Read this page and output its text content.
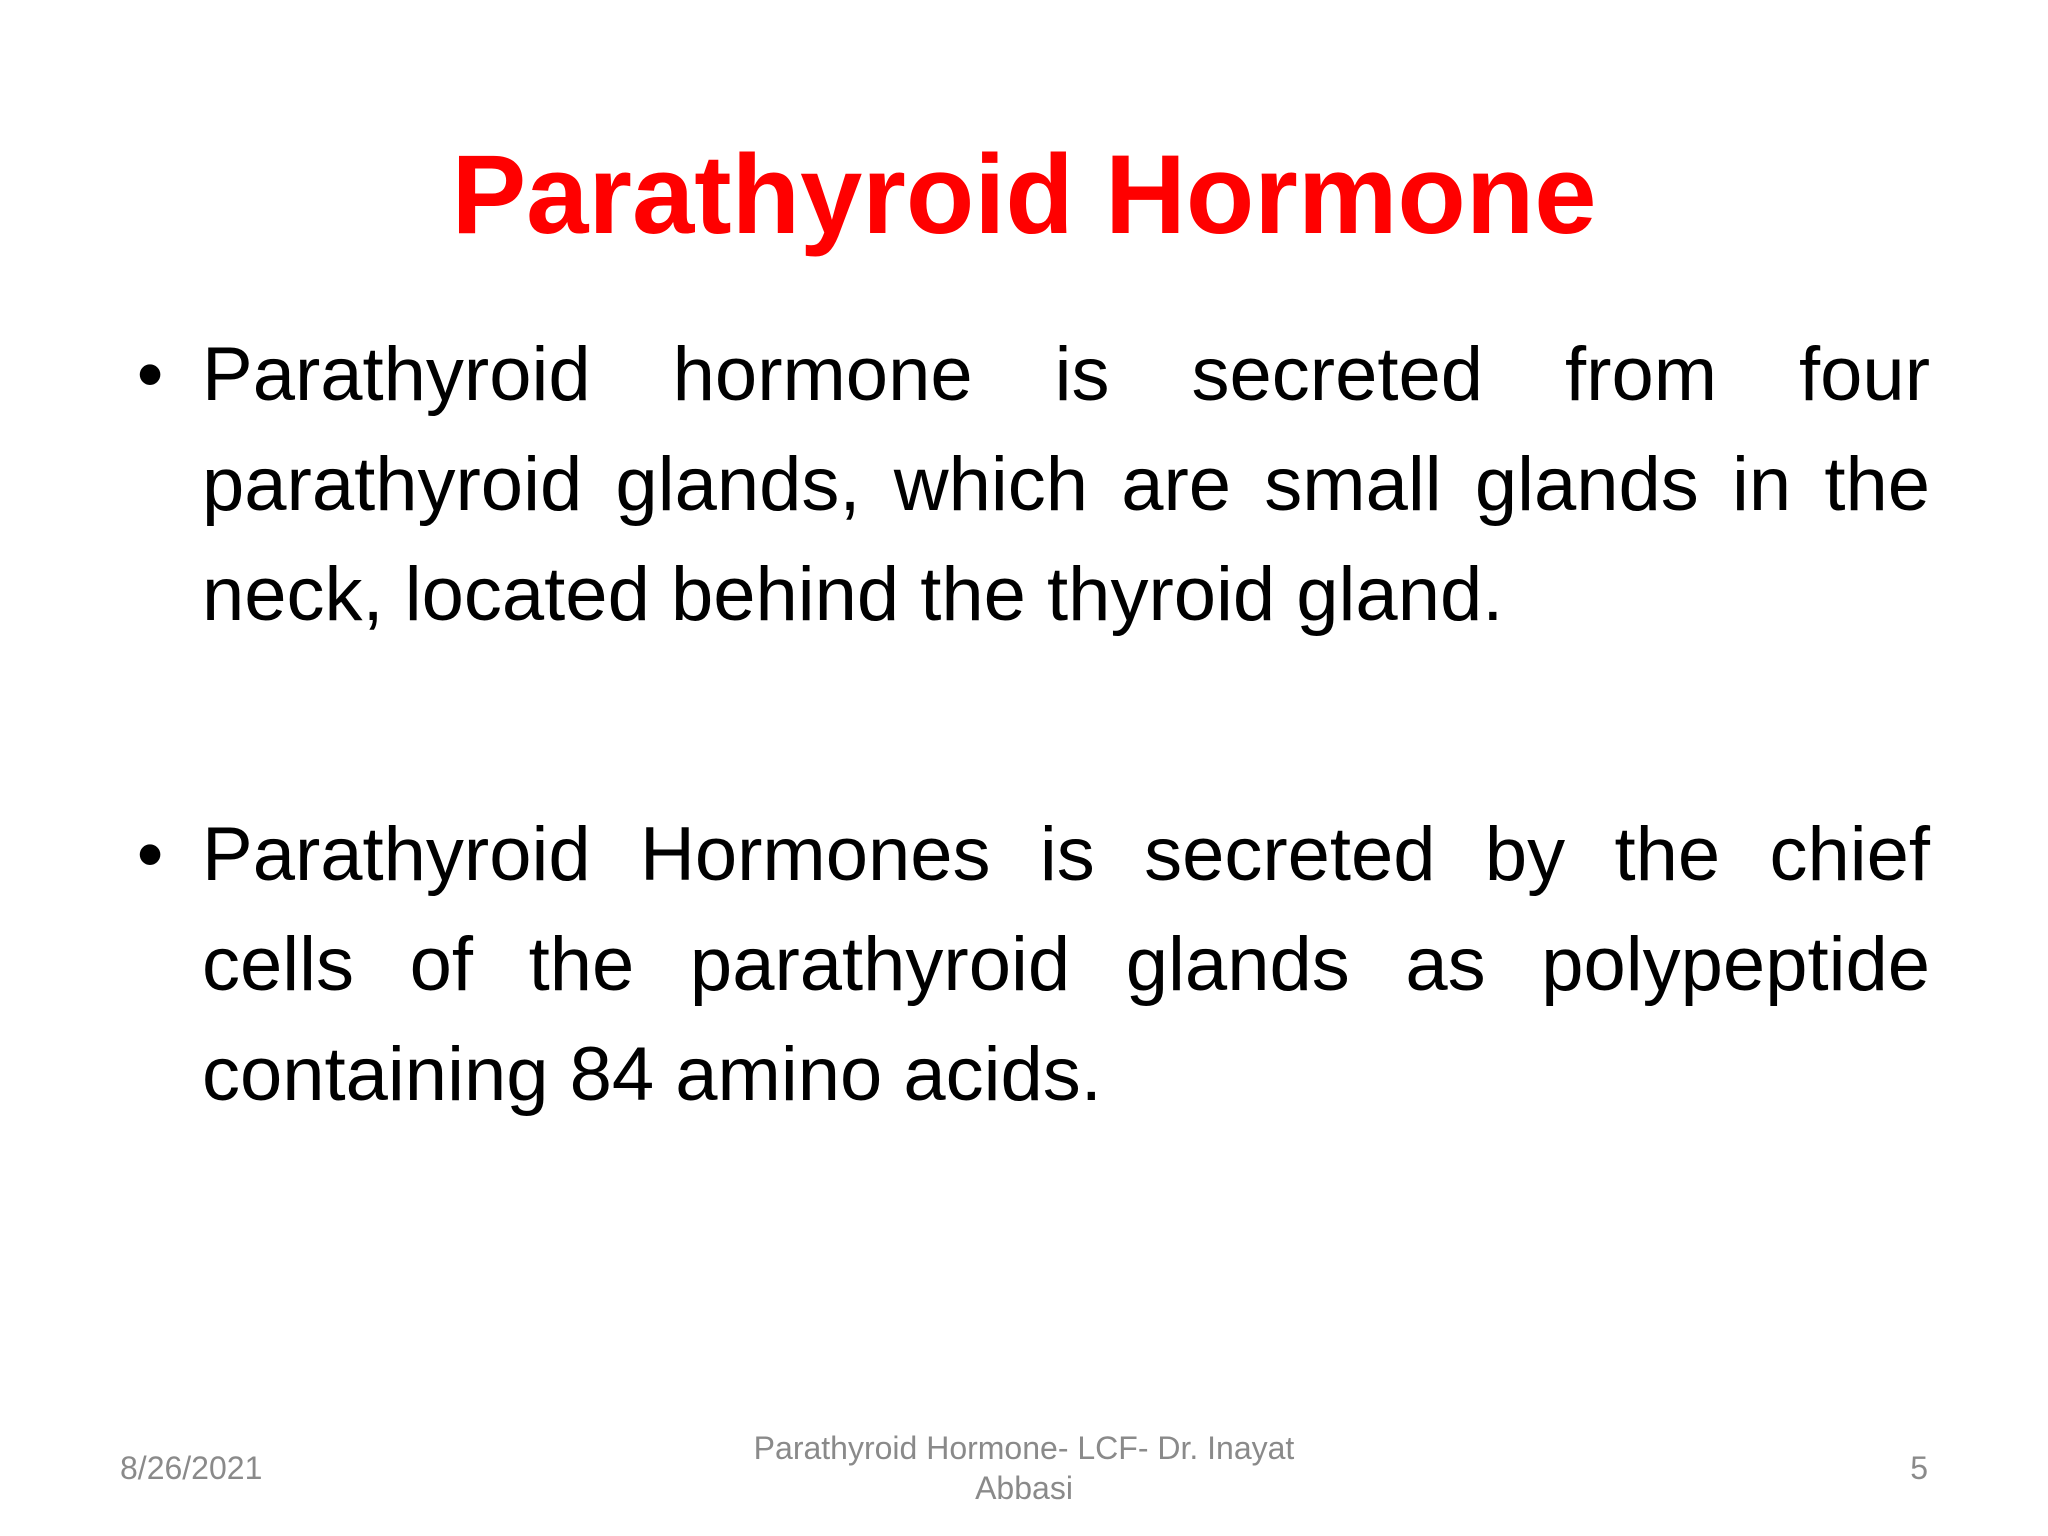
Parathyroid Hormone
• Parathyroid hormone is secreted from four parathyroid glands, which are small glands in the neck, located behind the thyroid gland.
• Parathyroid Hormones is secreted by the chief cells of the parathyroid glands as polypeptide containing 84 amino acids.
8/26/2021
Parathyroid Hormone- LCF- Dr. Inayat
Abbasi
5
